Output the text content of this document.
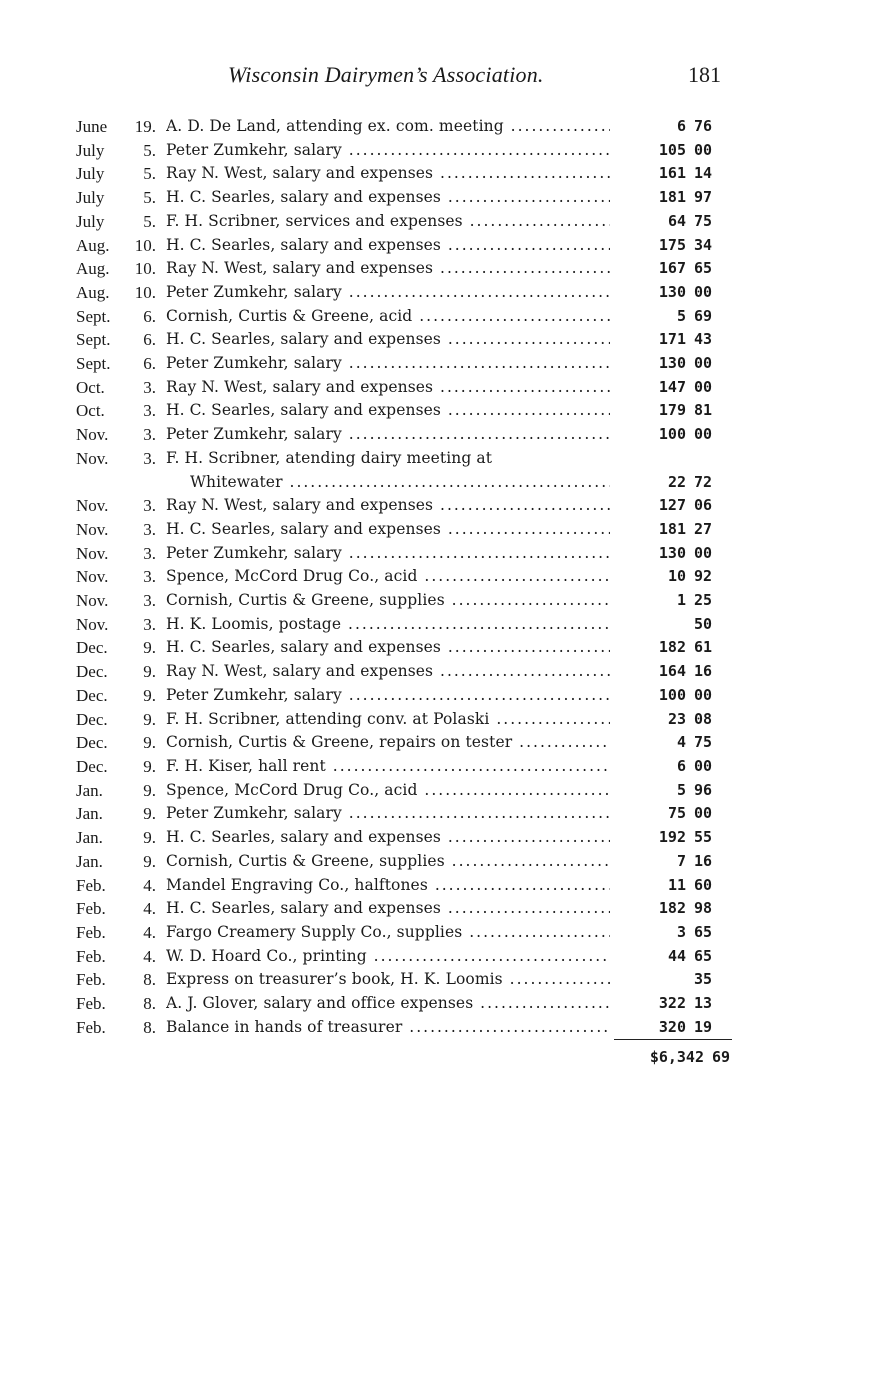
Wisconsin Dairymen’s Association.	181
June	19. A. D. De Land, attending ex. com. meeting .....	6 76
July	5. Peter Zumkehr, salary .....	105 00
July	5. Ray N. West, salary and expenses .....	161 14
July	5. H. C. Searles, salary and expenses .....	181 97
July	5. F. H. Scribner, services and expenses .....	64 75
Aug.	10. H. C. Searles, salary and expenses .....	175 34
Aug.	10. Ray N. West, salary and expenses .....	167 65
Aug.	10. Peter Zumkehr, salary .....	130 00
Sept.	6. Cornish, Curtis & Greene, acid .....	5 69
Sept.	6. H. C. Searles, salary and expenses .....	171 43
Sept.	6. Peter Zumkehr, salary .....	130 00
Oct.	3. Ray N. West, salary and expenses .....	147 00
Oct.	3. H. C. Searles, salary and expenses .....	179 81
Nov.	3. Peter Zumkehr, salary .....	100 00
Nov.	3. F. H. Scribner, atending dairy meeting at
Whitewater .....	22 72
Nov.	3. Ray N. West, salary and expenses .....	127 06
Nov.	3. H. C. Searles, salary and expenses .....	181 27
Nov.	3. Peter Zumkehr, salary .....	130 00
Nov.	3. Spence, McCord Drug Co., acid .....	10 92
Nov.	3. Cornish, Curtis & Greene, supplies .....	1 25
Nov.	3. H. K. Loomis, postage .....	50
Dec.	9. H. C. Searles, salary and expenses .....	182 61
Dec.	9. Ray N. West, salary and expenses .....	164 16
Dec.	9. Peter Zumkehr, salary .....	100 00
Dec.	9. F. H. Scribner, attending conv. at Polaski .....	23 08
Dec.	9. Cornish, Curtis & Greene, repairs on tester .....	4 75
Dec.	9. F. H. Kiser, hall rent .....	6 00
Jan.	9. Spence, McCord Drug Co., acid .....	5 96
Jan.	9. Peter Zumkehr, salary .....	75 00
Jan.	9. H. C. Searles, salary and expenses .....	192 55
Jan.	9. Cornish, Curtis & Greene, supplies .....	7 16
Feb.	4. Mandel Engraving Co., halftones .....	11 60
Feb.	4. H. C. Searles, salary and expenses .....	182 98
Feb.	4. Fargo Creamery Supply Co., supplies .....	3 65
Feb.	4. W. D. Hoard Co., printing .....	44 65
Feb.	8. Express on treasurer’s book, H. K. Loomis .....	35
Feb.	8. A. J. Glover, salary and office expenses .....	322 13
Feb.	8. Balance in hands of treasurer .....	320 19
$6,342 69
